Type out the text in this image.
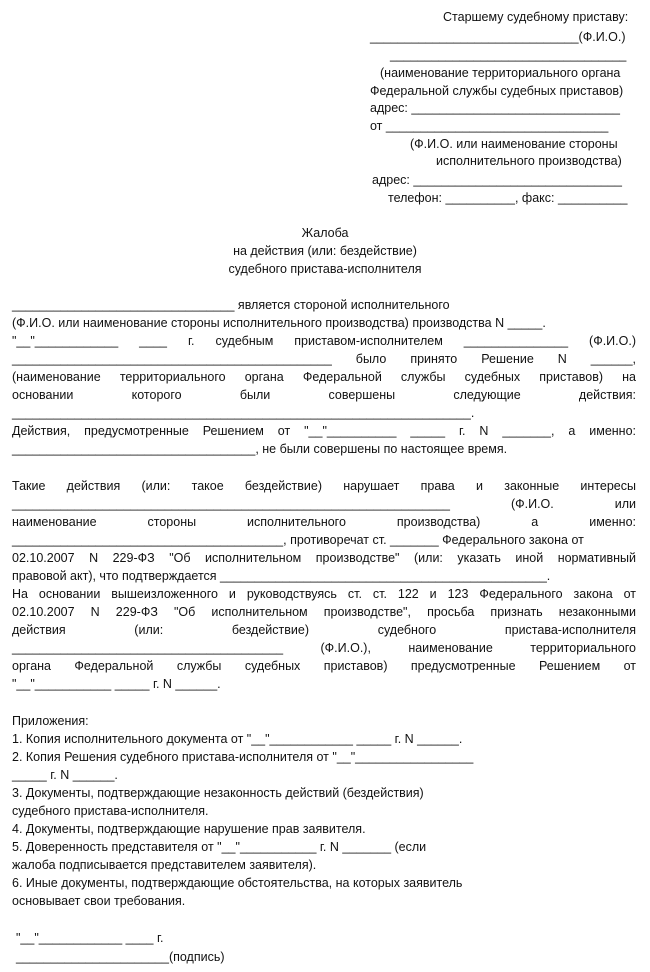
Старшему судебному приставу:
______________________________(Ф.И.О.)
__________________________________
(наименование территориального органа
Федеральной службы судебных приставов)
адрес: ______________________________
от ________________________________
(Ф.И.О. или наименование стороны
исполнительного производства)
адрес: ______________________________
телефон: __________, факс: __________
Жалоба
на действия (или: бездействие)
судебного пристава-исполнителя
________________________________ является стороной исполнительного
(Ф.И.О. или наименование стороны исполнительного производства) производства N _____.
"__"____________ ____ г. судебным приставом-исполнителем _______________ (Ф.И.О.)
______________________________________________ было принято Решение N ______,
(наименование территориального органа Федеральной службы судебных приставов) на
основании которого были совершены следующие действия:
__________________________________________________________________.
Действия, предусмотренные Решением от "__"__________ _____ г. N _______, а именно:
___________________________________, не были совершены по настоящее время.
Такие действия (или: такое бездействие) нарушает права и законные интересы
_______________________________________________________________ (Ф.И.О. или
наименование стороны исполнительного производства) а именно:
_______________________________________, противоречат ст. _______ Федерального закона от
02.10.2007 N 229-ФЗ "Об исполнительном производстве" (или: указать иной нормативный
правовой акт), что подтверждается _______________________________________________.
На основании вышеизложенного и руководствуясь ст. ст. 122 и 123 Федерального закона от
02.10.2007 N 229-ФЗ "Об исполнительном производстве", просьба признать незаконными
действия (или: бездействие) судебного пристава-исполнителя
_______________________________________ (Ф.И.О.), наименование территориального
органа Федеральной службы судебных приставов) предусмотренные Решением от
"__"___________ _____ г. N ______.
Приложения:
1. Копия исполнительного документа от "__"____________ _____ г. N ______.
2. Копия Решения судебного пристава-исполнителя от "__"_________________
_____ г. N ______.
3. Документы, подтверждающие незаконность действий (бездействия)
судебного пристава-исполнителя.
4. Документы, подтверждающие нарушение прав заявителя.
5. Доверенность представителя от "__"___________ г. N _______ (если
жалоба подписывается представителем заявителя).
6. Иные документы, подтверждающие обстоятельства, на которых заявитель
основывает свои требования.
"__"____________ ____ г.
______________________(подпись)
